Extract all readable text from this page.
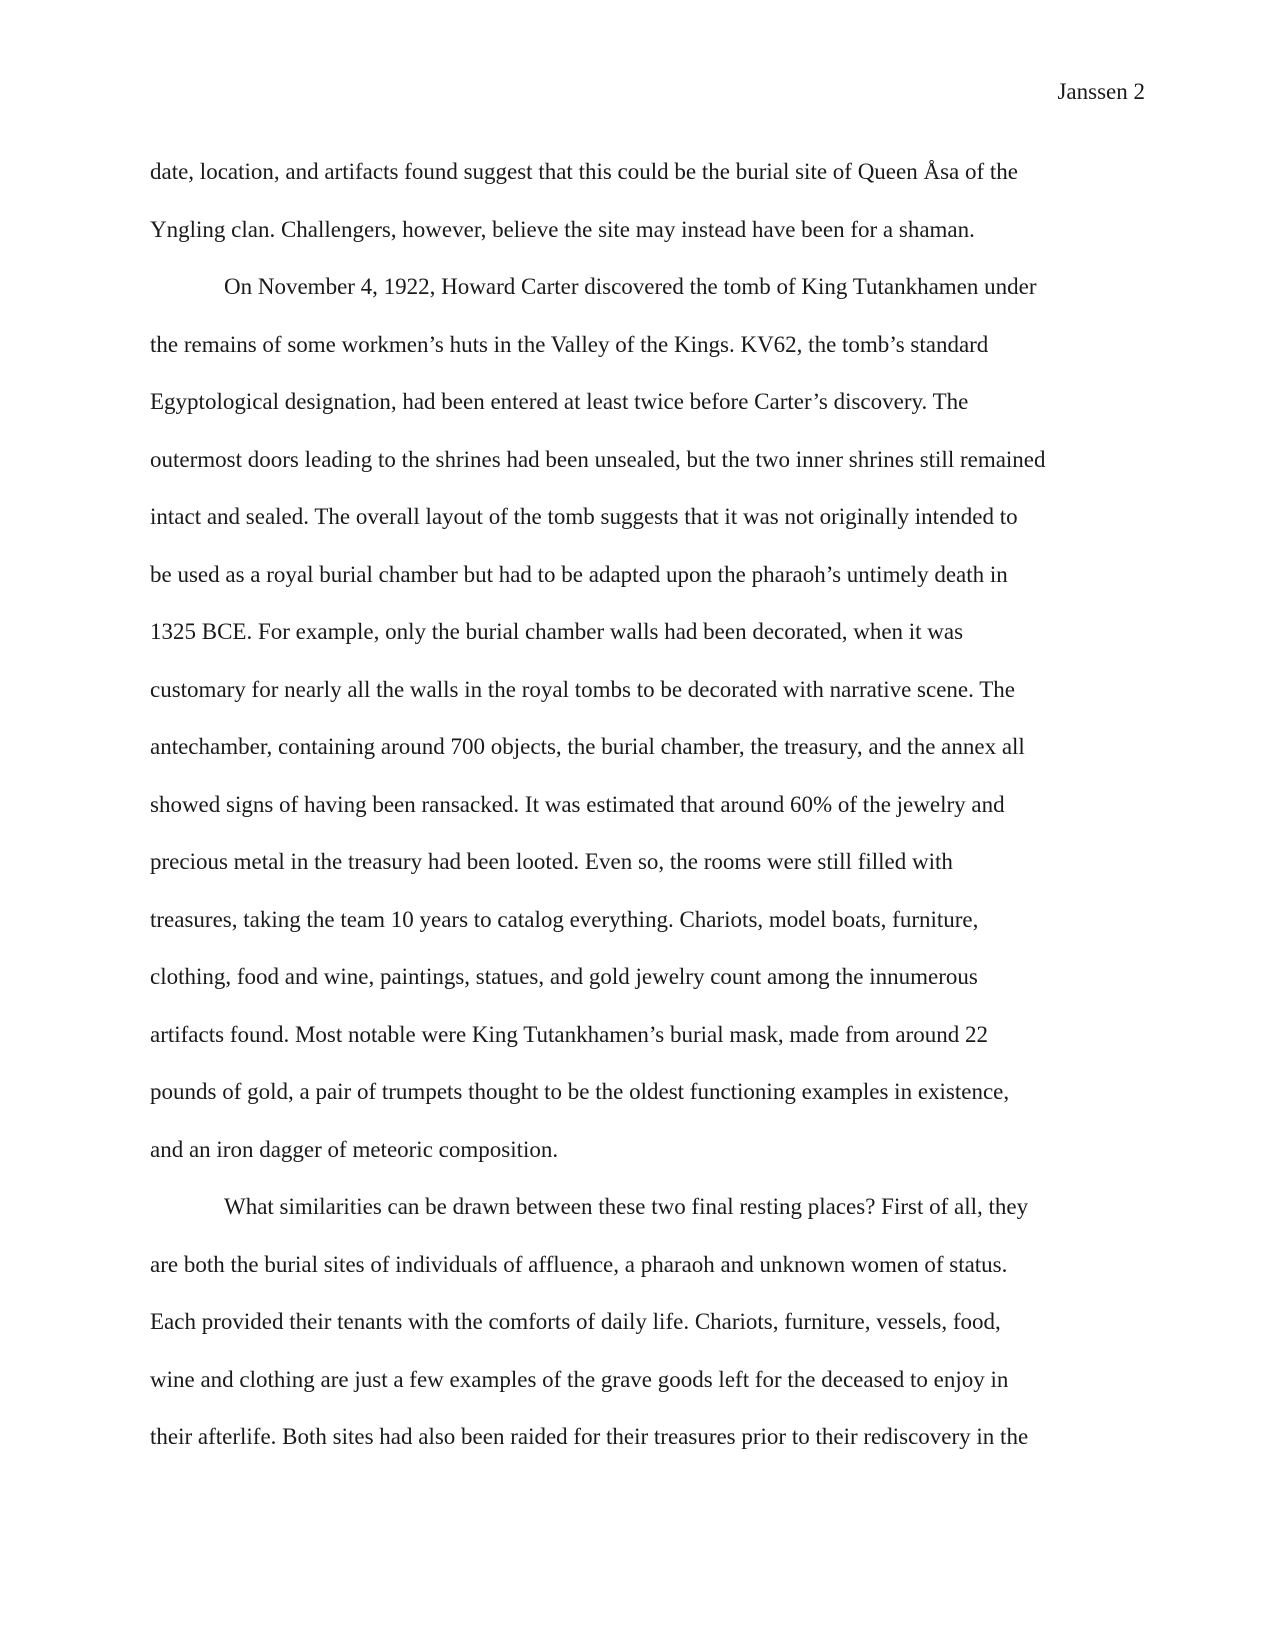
Janssen 2
date, location, and artifacts found suggest that this could be the burial site of Queen Åsa of the
Yngling clan. Challengers, however, believe the site may instead have been for a shaman.
On November 4, 1922, Howard Carter discovered the tomb of King Tutankhamen under
the remains of some workmen’s huts in the Valley of the Kings. KV62, the tomb’s standard
Egyptological designation, had been entered at least twice before Carter’s discovery. The
outermost doors leading to the shrines had been unsealed, but the two inner shrines still remained
intact and sealed. The overall layout of the tomb suggests that it was not originally intended to
be used as a royal burial chamber but had to be adapted upon the pharaoh’s untimely death in
1325 BCE. For example, only the burial chamber walls had been decorated, when it was
customary for nearly all the walls in the royal tombs to be decorated with narrative scene. The
antechamber, containing around 700 objects, the burial chamber, the treasury, and the annex all
showed signs of having been ransacked. It was estimated that around 60% of the jewelry and
precious metal in the treasury had been looted. Even so, the rooms were still filled with
treasures, taking the team 10 years to catalog everything. Chariots, model boats, furniture,
clothing, food and wine, paintings, statues, and gold jewelry count among the innumerous
artifacts found. Most notable were King Tutankhamen’s burial mask, made from around 22
pounds of gold, a pair of trumpets thought to be the oldest functioning examples in existence,
and an iron dagger of meteoric composition.
What similarities can be drawn between these two final resting places? First of all, they
are both the burial sites of individuals of affluence, a pharaoh and unknown women of status.
Each provided their tenants with the comforts of daily life. Chariots, furniture, vessels, food,
wine and clothing are just a few examples of the grave goods left for the deceased to enjoy in
their afterlife. Both sites had also been raided for their treasures prior to their rediscovery in the
